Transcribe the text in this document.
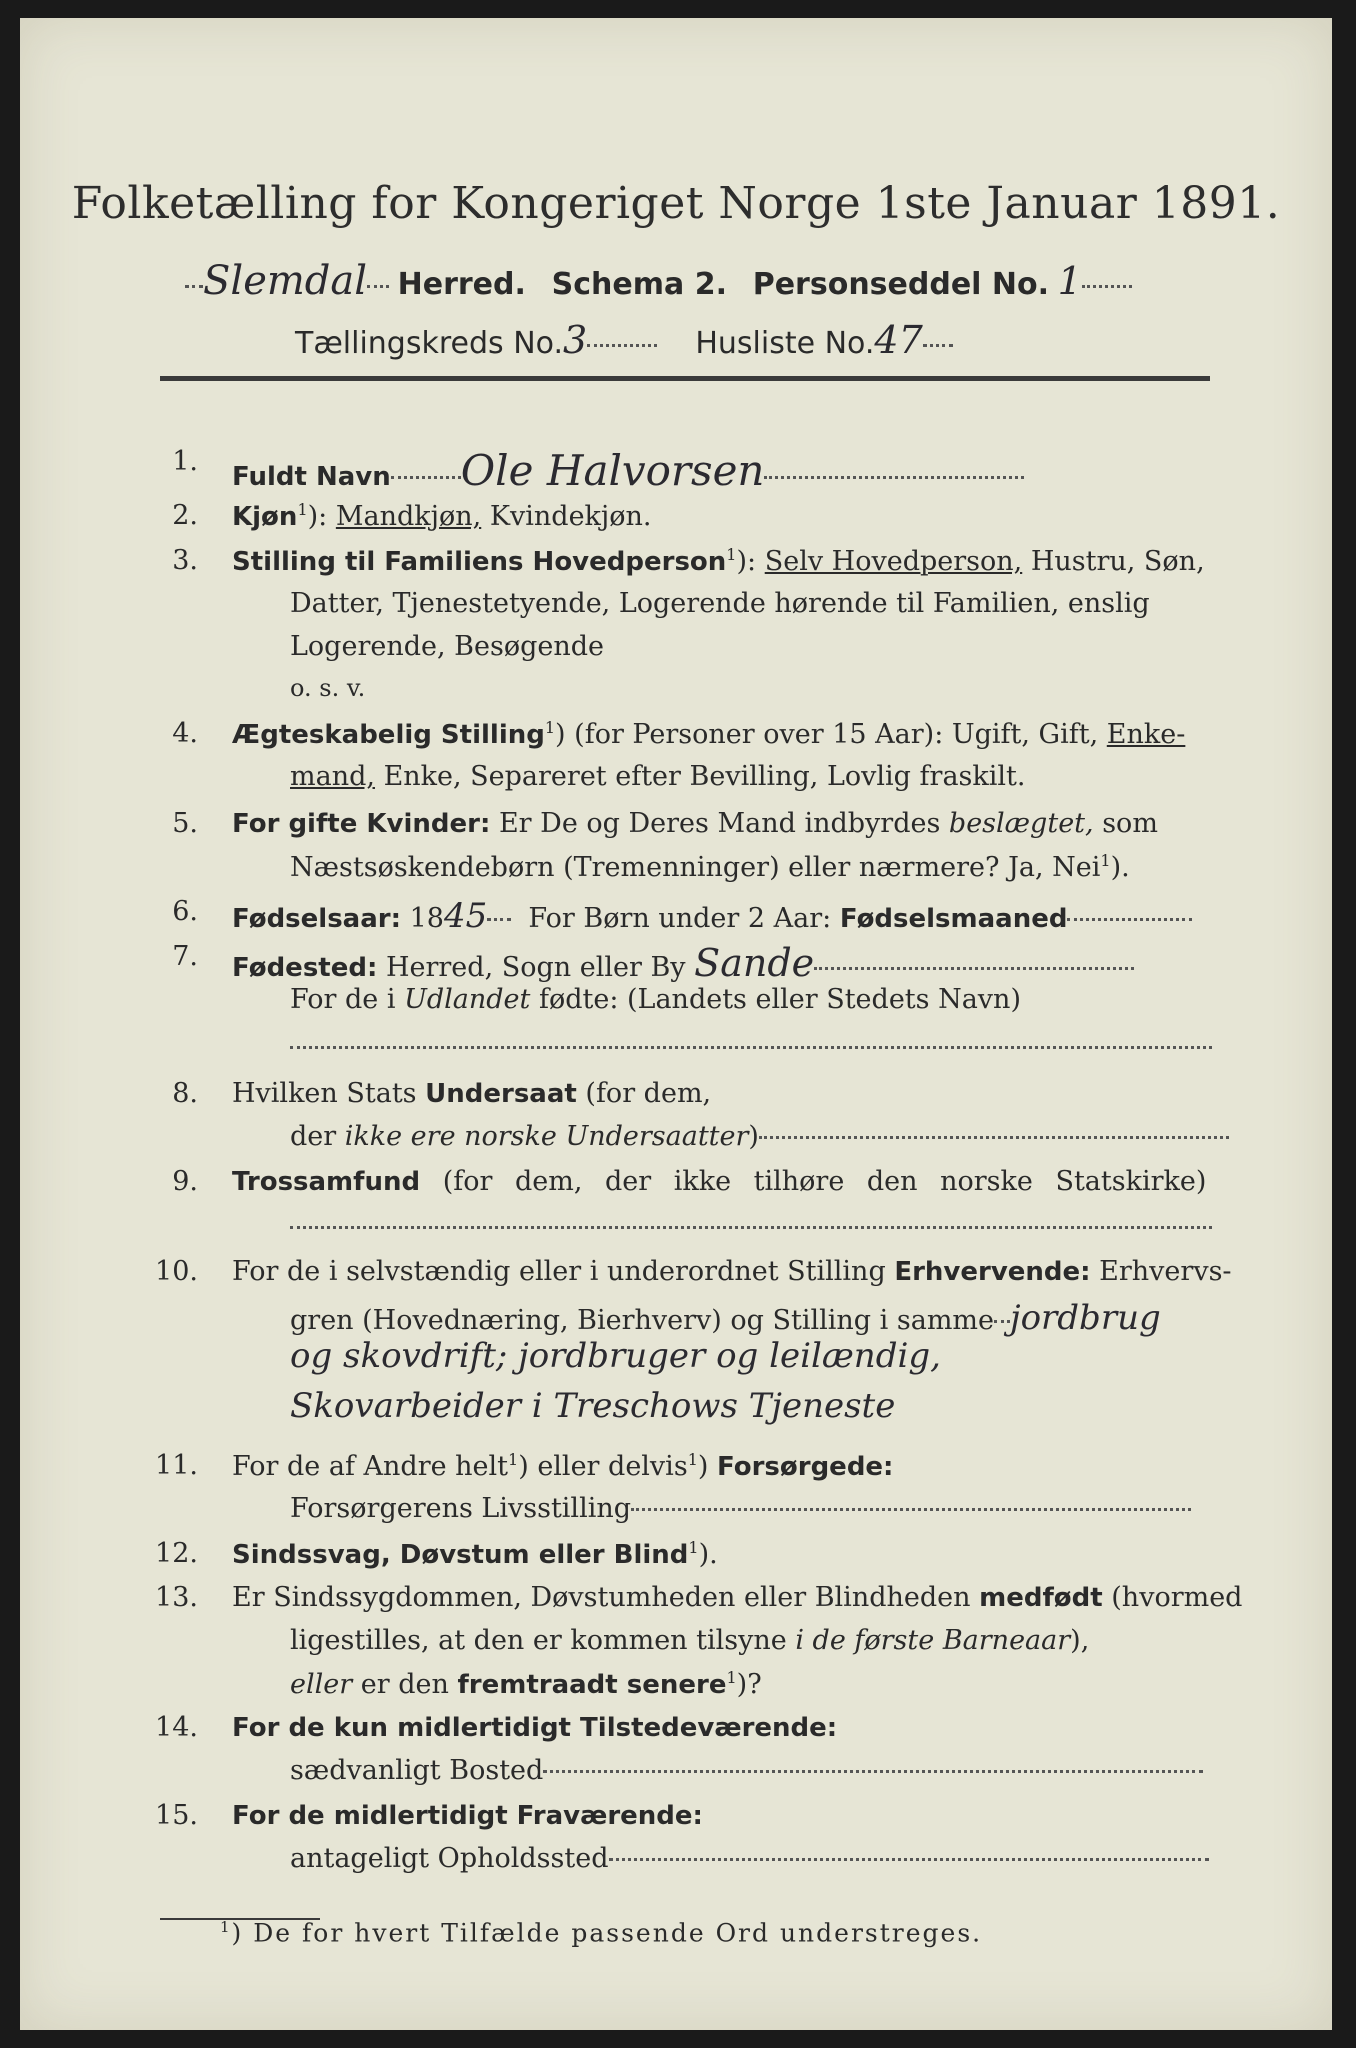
Folketælling for Kongeriget Norge 1ste Januar 1891.
Slemdal Herred. Schema 2. Personseddel No. 1
Tællingskreds No.3	Husliste No.47
1. Fuldt Navn Ole Halvorsen
2. Kjøn$^1$): Mandkjøn, Kvindekjøn.
3. Stilling til Familiens Hovedperson$^1$): Selv Hovedperson, Hustru, Søn,
Datter, Tjenestetyende, Logerende hørende til Familien, enslig
Logerende, Besøgende
o. s. v.
4. Ægteskabelig Stilling$^1$) (for Personer over 15 Aar): Ugift, Gift, Enke-
mand, Enke, Separeret efter Bevilling, Lovlig fraskilt.
5. For gifte Kvinder: Er De og Deres Mand indbyrdes beslægtet, som
Næstsøskendebørn (Tremenninger) eller nærmere? Ja, Nei$^1$).
6. Fødselsaar: 1845 For Børn under 2 Aar: Fødselsmaaned
7. Fødested: Herred, Sogn eller By Sande
For de i Udlandet fødte: (Landets eller Stedets Navn)
8. Hvilken Stats Undersaat (for dem,
der ikke ere norske Undersaatter)
9. Trossamfund (for dem, der ikke tilhøre den norske Statskirke)
10. For de i selvstændig eller i underordnet Stilling Erhvervende: Erhvervs-
gren (Hovednæring, Bierhverv) og Stilling i samme jordbrug
og skovdrift; jordbruger og leilændig,
Skovarbeider i Treschows Tjeneste
11. For de af Andre helt$^1$) eller delvis$^1$) Forsørgede:
Forsørgerens Livsstilling
12. Sindssvag, Døvstum eller Blind$^1$).
13. Er Sindssygdommen, Døvstumheden eller Blindheden medfødt (hvormed
ligestilles, at den er kommen tilsyne i de første Barneaar),
eller er den fremtraadt senere$^1$)?
14. For de kun midlertidigt Tilstedeværende:
sædvanligt Bosted
15. For de midlertidigt Fraværende:
antageligt Opholdssted
$^1$) De for hvert Tilfælde passende Ord understreges.
